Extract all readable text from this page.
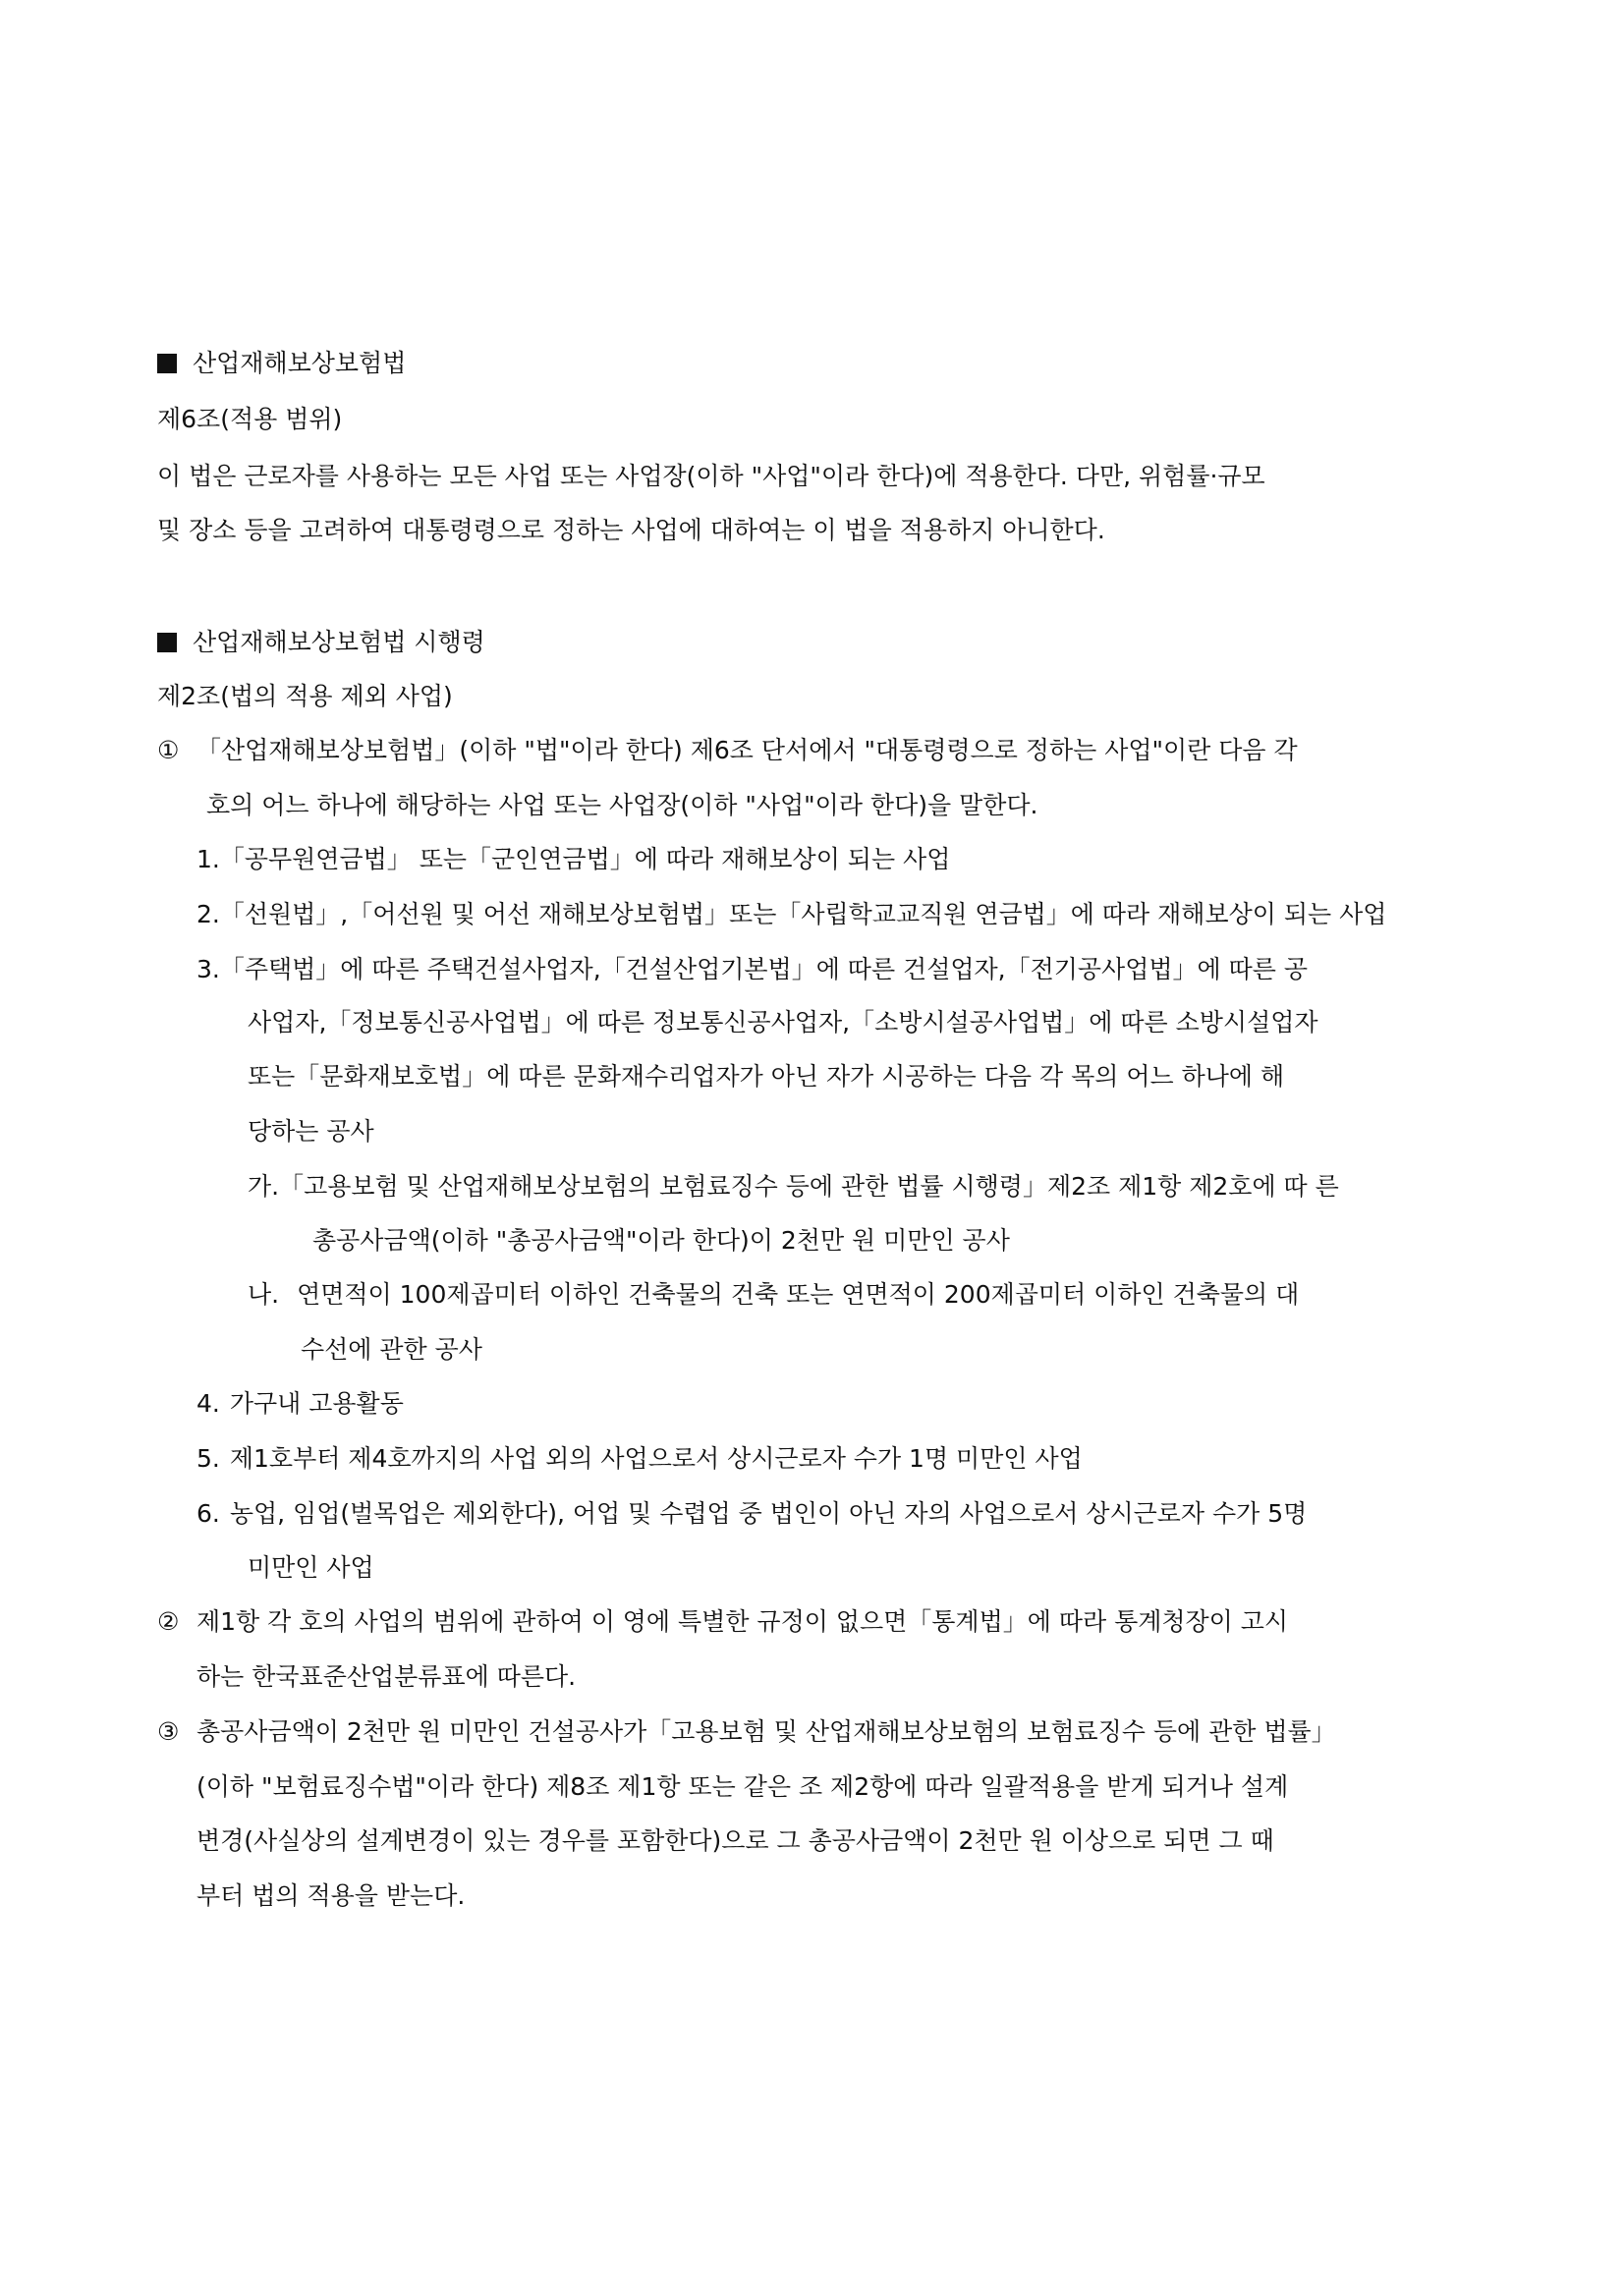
산업재해보상보험법
제6조(적용 범위)
이 법은 근로자를 사용하는 모든 사업 또는 사업장(이하 "사업"이라 한다)에 적용한다. 다만, 위험률·규모
및 장소 등을 고려하여 대통령령으로 정하는 사업에 대하여는 이 법을 적용하지 아니한다.
산업재해보상보험법 시행령
제2조(법의 적용 제외 사업)
① 「산업재해보상보험법」(이하 "법"이라 한다) 제6조 단서에서 "대통령령으로 정하는 사업"이란 다음 각
호의 어느 하나에 해당하는 사업 또는 사업장(이하 "사업"이라 한다)을 말한다.
1.「공무원연금법」 또는「군인연금법」에 따라 재해보상이 되는 사업
2.「선원법」,「어선원 및 어선 재해보상보험법」또는「사립학교교직원 연금법」에 따라 재해보상이 되는 사업
3.「주택법」에 따른 주택건설사업자,「건설산업기본법」에 따른 건설업자,「전기공사업법」에 따른 공
사업자,「정보통신공사업법」에 따른 정보통신공사업자,「소방시설공사업법」에 따른 소방시설업자
또는「문화재보호법」에 따른 문화재수리업자가 아닌 자가 시공하는 다음 각 목의 어느 하나에 해
당하는 공사
가.「고용보험 및 산업재해보상보험의 보험료징수 등에 관한 법률 시행령」제2조 제1항 제2호에 따 른
총공사금액(이하 "총공사금액"이라 한다)이 2천만 원 미만인 공사
나. 연면적이 100제곱미터 이하인 건축물의 건축 또는 연면적이 200제곱미터 이하인 건축물의 대
수선에 관한 공사
4. 가구내 고용활동
5. 제1호부터 제4호까지의 사업 외의 사업으로서 상시근로자 수가 1명 미만인 사업
6. 농업, 임업(벌목업은 제외한다), 어업 및 수렵업 중 법인이 아닌 자의 사업으로서 상시근로자 수가 5명
미만인 사업
② 제1항 각 호의 사업의 범위에 관하여 이 영에 특별한 규정이 없으면「통계법」에 따라 통계청장이 고시
하는 한국표준산업분류표에 따른다.
③ 총공사금액이 2천만 원 미만인 건설공사가「고용보험 및 산업재해보상보험의 보험료징수 등에 관한 법률」
(이하 "보험료징수법"이라 한다) 제8조 제1항 또는 같은 조 제2항에 따라 일괄적용을 받게 되거나 설계
변경(사실상의 설계변경이 있는 경우를 포함한다)으로 그 총공사금액이 2천만 원 이상으로 되면 그 때
부터 법의 적용을 받는다.
